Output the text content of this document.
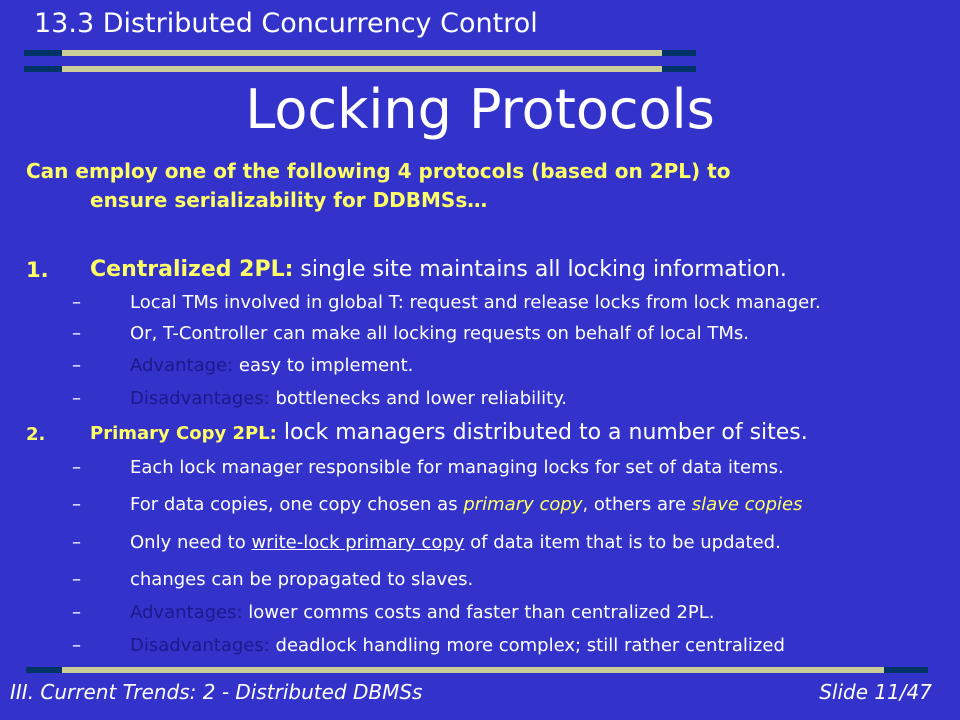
13.3 Distributed Concurrency Control
Locking Protocols
Can employ one of the following 4 protocols (based on 2PL) to
ensure serializability for DDBMSs…
1. Centralized 2PL: single site maintains all locking information.
–	Local TMs involved in global T: request and release locks from lock manager.
–	Or, T-Controller can make all locking requests on behalf of local TMs.
–	Advantage: easy to implement.
–	Disadvantages: bottlenecks and lower reliability.
2. Primary Copy 2PL: lock managers distributed to a number of sites.
–	Each lock manager responsible for managing locks for set of data items.
–	For data copies, one copy chosen as primary copy, others are slave copies
–	Only need to write-lock primary copy of data item that is to be updated.
–	changes can be propagated to slaves.
–	Advantages: lower comms costs and faster than centralized 2PL.
–	Disadvantages: deadlock handling more complex; still rather centralized
III. Current Trends: 2 - Distributed DBMSs	Slide 11/47
